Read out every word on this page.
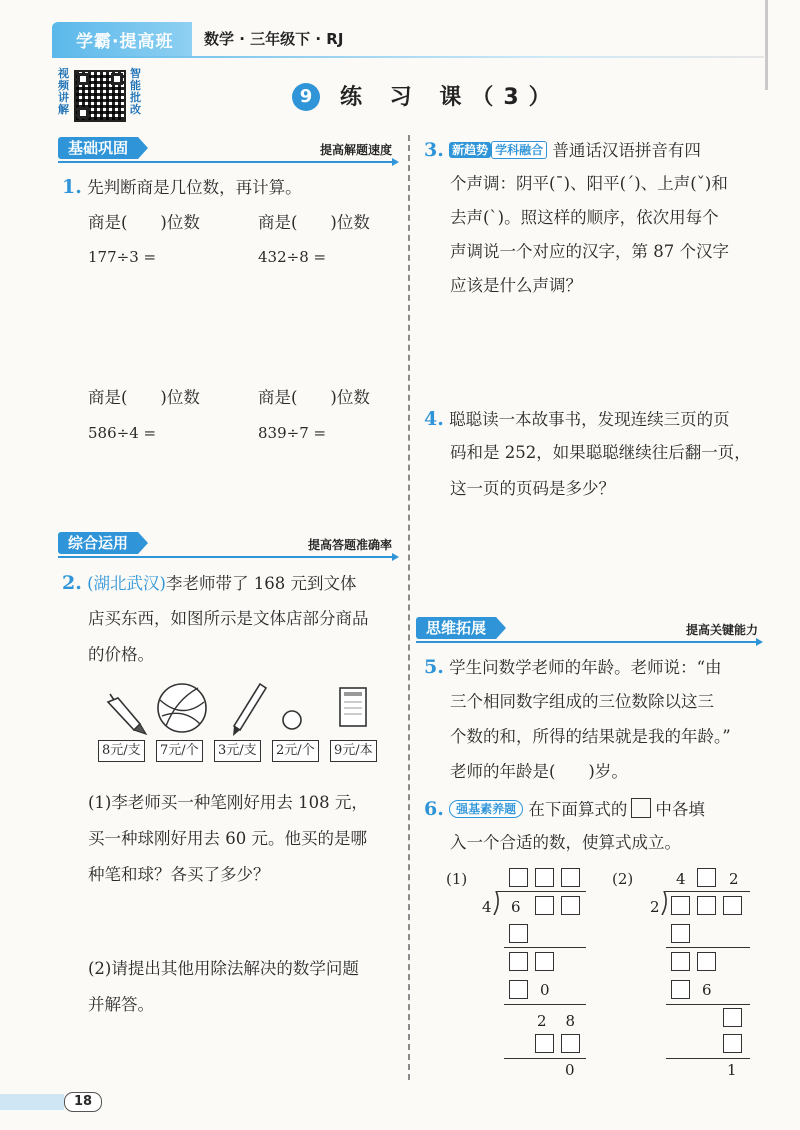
学霸·提高班 数学 · 三年级下 · RJ
视频讲解
智能批改
9	练 习 课（3）
基础巩固	提高解题速度
1. 先判断商是几位数，再计算。
商是(　　)位数
177÷3 =
商是(　　)位数
432÷8 =
商是(　　)位数
586÷4 =
商是(　　)位数
839÷7 =
综合运用	提高答题准确率
2. (湖北武汉)李老师带了 168 元到文体
店买东西，如图所示是文体店部分商品
的价格。
8元/支	7元/个	3元/支	2元/个	9元/本
(1)李老师买一种笔刚好用去 108 元，
买一种球刚好用去 60 元。他买的是哪
种笔和球？各买了多少？
(2)请提出其他用除法解决的数学问题
并解答。
3. 新趋势 学科融合 普通话汉语拼音有四
个声调：阴平(ˉ)、阳平(ˊ)、上声(ˇ)和
去声(ˋ)。照这样的顺序，依次用每个
声调说一个对应的汉字，第 87 个汉字
应该是什么声调？
4. 聪聪读一本故事书，发现连续三页的页
码和是 252，如果聪聪继续往后翻一页，
这一页的页码是多少？
思维拓展	提高关键能力
5. 学生问数学老师的年龄。老师说：“由
三个相同数字组成的三位数除以这三
个数的和，所得的结果就是我的年龄。”
老师的年龄是(　　)岁。
6. 强基素养题 在下面算式的 中各填
入一个合适的数，使算式成立。
(1)
4 6
0
2　8
0
(2)	4	2
2
6
1
18
